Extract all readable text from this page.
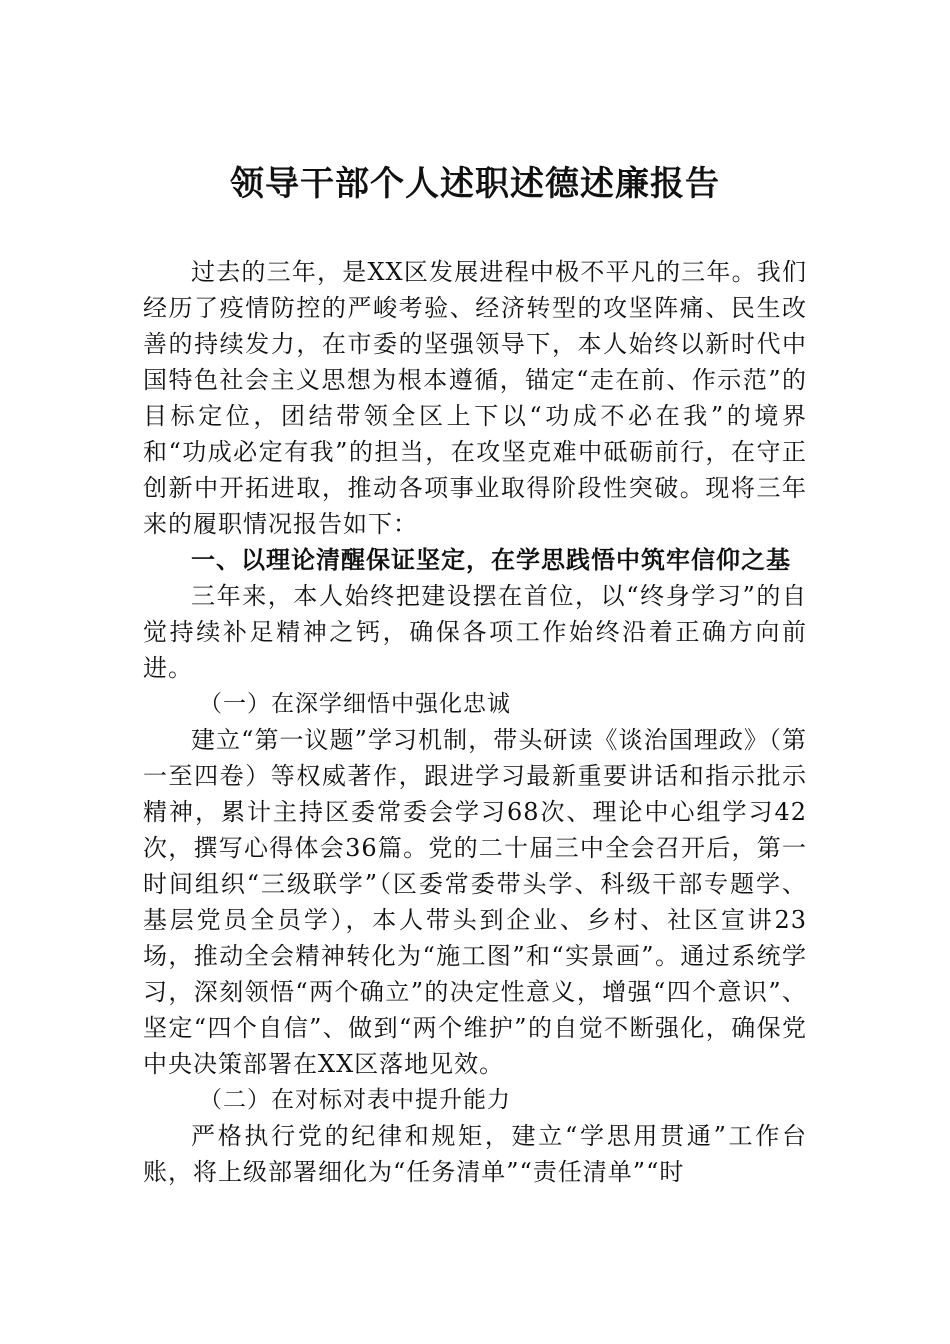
领导干部个人述职述德述廉报告

过去的三年，是XX区发展进程中极不平凡的三年。我们经历了疫情防控的严峻考验、经济转型的攻坚阵痛、民生改善的持续发力，在市委的坚强领导下，本人始终以新时代中国特色社会主义思想为根本遵循，锚定“走在前、作示范”的目标定位，团结带领全区上下以“功成不必在我”的境界和“功成必定有我”的担当，在攻坚克难中砥砺前行，在守正创新中开拓进取，推动各项事业取得阶段性突破。现将三年来的履职情况报告如下：

一、以理论清醒保证坚定，在学思践悟中筑牢信仰之基

三年来，本人始终把建设摆在首位，以“终身学习”的自觉持续补足精神之钙，确保各项工作始终沿着正确方向前进。

（一）在深学细悟中强化忠诚

建立“第一议题”学习机制，带头研读《谈治国理政》（第一至四卷）等权威著作，跟进学习最新重要讲话和指示批示精神，累计主持区委常委会学习68次、理论中心组学习42次，撰写心得体会36篇。党的二十届三中全会召开后，第一时间组织“三级联学”（区委常委带头学、科级干部专题学、基层党员全员学），本人带头到企业、乡村、社区宣讲23场，推动全会精神转化为“施工图”和“实景画”。通过系统学习，深刻领悟“两个确立”的决定性意义，增强“四个意识”、坚定“四个自信”、做到“两个维护”的自觉不断强化，确保党中央决策部署在XX区落地见效。

（二）在对标对表中提升能力

严格执行党的纪律和规矩，建立“学思用贯通”工作台账，将上级部署细化为“任务清单”“责任清单”“时
